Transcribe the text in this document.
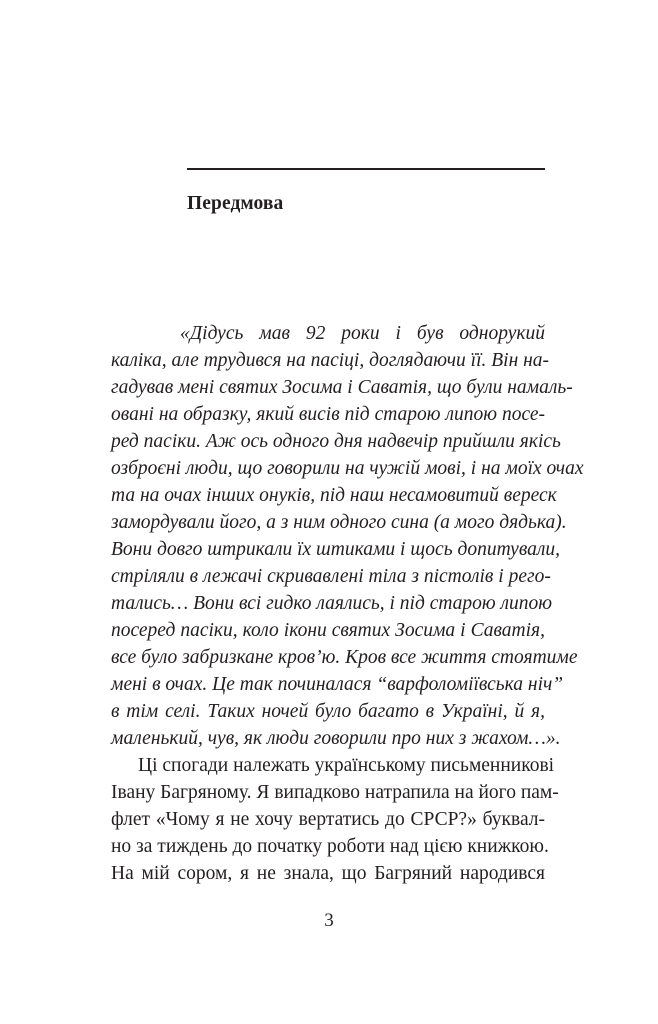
Передмова
«Дідусь мав 92 роки і був однорукий
каліка, але трудився на пасіці, доглядаючи її. Він на-
гадував мені святих Зосима і Саватія, що були намаль-
овані на образку, який висів під старою липою посе-
ред пасіки. Аж ось одного дня надвечір прийшли якісь
озброєні люди, що говорили на чужій мові, і на моїх очах
та на очах інших онуків, під наш несамовитий вереск
замордували його, а з ним одного сина (а мого дядька).
Вони довго штрикали їх штиками і щось допитували,
стріляли в лежачі скривавлені тіла з пістолів і рего-
тались… Вони всі гидко лаялись, і під старою липою
посеред пасіки, коло ікони святих Зосима і Саватія,
все було забризкане кров’ю. Кров все життя стоятиме
мені в очах. Це так починалася “варфоломіївська ніч”
в тім селі. Таких ночей було багато в Україні, й я,
маленький, чув, як люди говорили про них з жахом…».
Ці спогади належать українському письменникові
Івану Багряному. Я випадково натрапила на його пам-
флет «Чому я не хочу вертатись до СРСР?» буквал-
но за тиждень до початку роботи над цією книжкою.
На мій сором, я не знала, що Багряний народився
3
